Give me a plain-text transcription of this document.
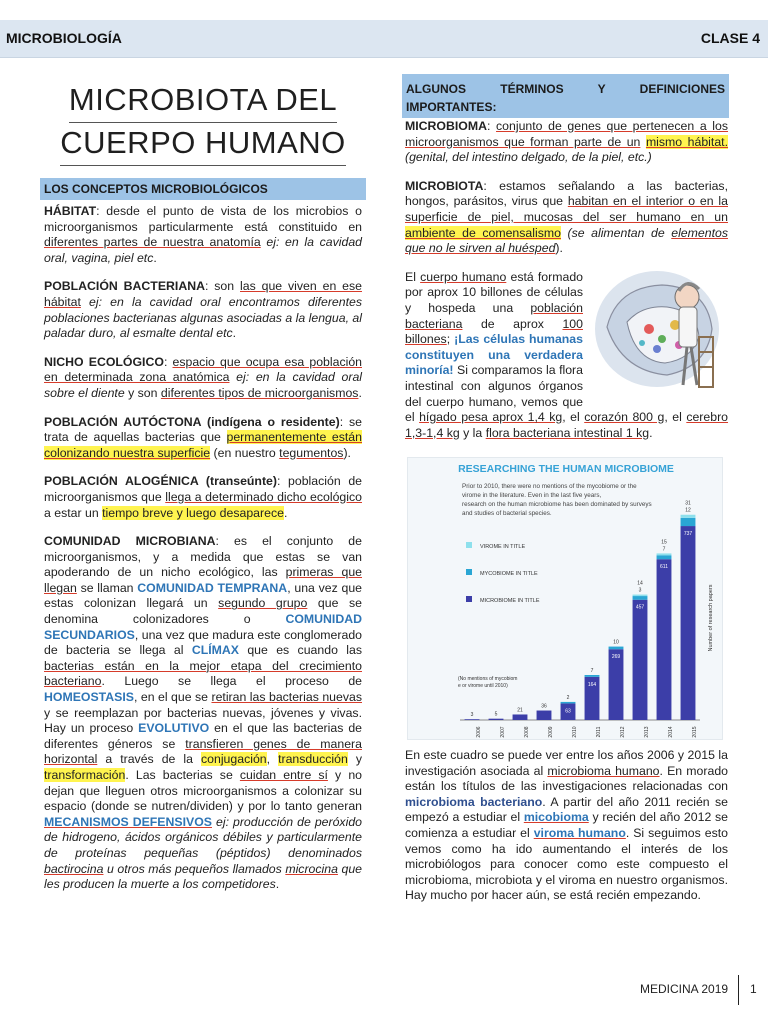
MICROBIOLOGÍA	CLASE 4
MICROBIOTA DEL
CUERPO HUMANO
LOS CONCEPTOS MICROBIOLÓGICOS

HÁBITAT: desde el punto de vista de los microbios o microorganismos particularmente está constituido en diferentes partes de nuestra anatomía ej: en la cavidad oral, vagina, piel etc.

POBLACIÓN BACTERIANA: son las que viven en ese hábitat ej: en la cavidad oral encontramos diferentes poblaciones bacterianas algunas asociadas a la lengua, al paladar duro, al esmalte dental etc.

NICHO ECOLÓGICO: espacio que ocupa esa población en determinada zona anatómica ej: en la cavidad oral sobre el diente y son diferentes tipos de microorganismos.

POBLACIÓN AUTÓCTONA (indígena o residente): se trata de aquellas bacterias que permanentemente están colonizando nuestra superficie (en nuestro tegumentos).

POBLACIÓN ALOGÉNICA (transeúnte): población de microorganismos que llega a determinado dicho ecológico a estar un tiempo breve y luego desaparece.

COMUNIDAD MICROBIANA: es el conjunto de microorganismos, y a medida que estas se van apoderando de un nicho ecológico, las primeras que llegan se llaman COMUNIDAD TEMPRANA, una vez que estas colonizan llegará un segundo grupo que se denomina colonizadores o COMUNIDAD SECUNDARIOS, una vez que madura este conglomerado de bacteria se llega al CLÍMAX que es cuando las bacterias están en la mejor etapa del crecimiento bacteriano. Luego se llega el proceso de HOMEOSTASIS, en el que se retiran las bacterias nuevas y se reemplazan por bacterias nuevas, jóvenes y vivas. Hay un proceso EVOLUTIVO en el que las bacterias de diferentes géneros se transfieren genes de manera horizontal a través de la conjugación, transducción y transformación. Las bacterias se cuidan entre sí y no dejan que lleguen otros microorganismos a colonizar su espacio (donde se nutren/dividen) y por lo tanto generan MECANISMOS DEFENSIVOS ej: producción de peróxido de hidrogeno, ácidos orgánicos débiles y particularmente de proteínas pequeñas (péptidos) denominados bactirocina u otros más pequeños llamados microcina que les producen la muerte a los competidores.

ALGUNOS TÉRMINOS Y DEFINICIONES IMPORTANTES:

MICROBIOMA: conjunto de genes que pertenecen a los microorganismos que forman parte de un mismo hábitat. (genital, del intestino delgado, de la piel, etc.)

MICROBIOTA: estamos señalando a las bacterias, hongos, parásitos, virus que habitan en el interior o en la superficie de piel, mucosas del ser humano en un ambiente de comensalismo (se alimentan de elementos que no le sirven al huésped).

El cuerpo humano está formado por aprox 10 billones de células y hospeda una población bacteriana de aprox 100 billones; ¡Las células humanas constituyen una verdadera minoría! Si comparamos la flora intestinal con algunos órganos del cuerpo humano, vemos que el hígado pesa aprox 1,4 kg, el corazón 800 g, el cerebro 1,3-1,4 kg y la flora bacteriana intestinal 1 kg.

RESEARCHING THE HUMAN MICROBIOME
Prior to 2010, there were no mentions of the mycobiome or the
virome in the literature. Even in the last five years,
research on the human microbiome has been dominated by surveys
and studies of bacterial species.
VIROME IN TITLE
MYCOBIOME IN TITLE
MICROBIOME IN TITLE
(No mentions of mycobiom
e or virome until 2010)
3
2006
5
2007
21
2008
36
2009
63
2
2010
164
7
2011
269
10
2012
457
3
14
2013
611
7
15
2014
737
12
31
2015
Number of research papers

En este cuadro se puede ver entre los años 2006 y 2015 la investigación asociada al microbioma humano. En morado están los títulos de las investigaciones relacionadas con microbioma bacteriano. A partir del año 2011 recién se empezó a estudiar el micobioma y recién del año 2012 se comienza a estudiar el viroma humano. Si seguimos esto vemos como ha ido aumentando el interés de los microbiólogos para conocer como este compuesto el microbioma, microbiota y el viroma en nuestro organismos. Hay mucho por hacer aún, se está recién empezando.

MEDICINA 2019 1
